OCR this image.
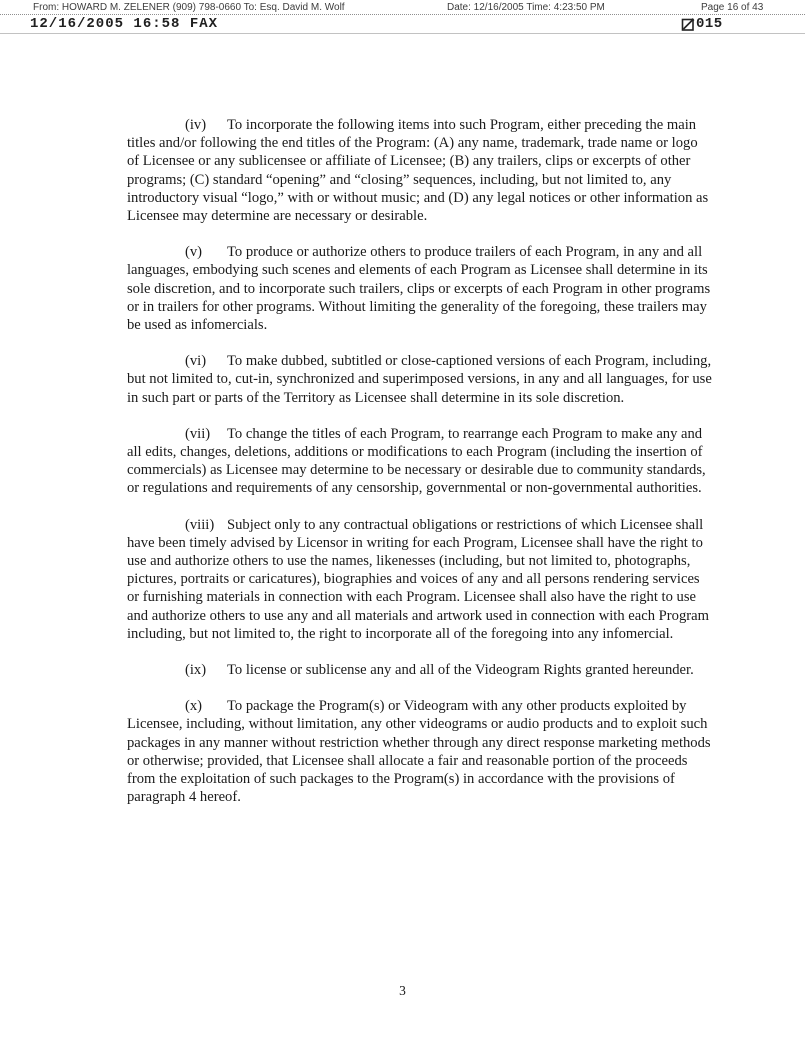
From: HOWARD M. ZELENER (909) 798-0660 To: Esq. David M. Wolf	Date: 12/16/2005 Time: 4:23:50 PM	Page 16 of 43
12/16/2005 16:58 FAX	015

(iv) To incorporate the following items into such Program, either preceding the main titles and/or following the end titles of the Program: (A) any name, trademark, trade name or logo of Licensee or any sublicensee or affiliate of Licensee; (B) any trailers, clips or excerpts of other programs; (C) standard “opening” and “closing” sequences, including, but not limited to, any introductory visual “logo,” with or without music; and (D) any legal notices or other information as Licensee may determine are necessary or desirable.

(v) To produce or authorize others to produce trailers of each Program, in any and all languages, embodying such scenes and elements of each Program as Licensee shall determine in its sole discretion, and to incorporate such trailers, clips or excerpts of each Program in other programs or in trailers for other programs. Without limiting the generality of the foregoing, these trailers may be used as infomercials.

(vi) To make dubbed, subtitled or close-captioned versions of each Program, including, but not limited to, cut-in, synchronized and superimposed versions, in any and all languages, for use in such part or parts of the Territory as Licensee shall determine in its sole discretion.

(vii) To change the titles of each Program, to rearrange each Program to make any and all edits, changes, deletions, additions or modifications to each Program (including the insertion of commercials) as Licensee may determine to be necessary or desirable due to community standards, or regulations and requirements of any censorship, governmental or non-governmental authorities.

(viii) Subject only to any contractual obligations or restrictions of which Licensee shall have been timely advised by Licensor in writing for each Program, Licensee shall have the right to use and authorize others to use the names, likenesses (including, but not limited to, photographs, pictures, portraits or caricatures), biographies and voices of any and all persons rendering services or furnishing materials in connection with each Program. Licensee shall also have the right to use and authorize others to use any and all materials and artwork used in connection with each Program including, but not limited to, the right to incorporate all of the foregoing into any infomercial.

(ix) To license or sublicense any and all of the Videogram Rights granted hereunder.

(x) To package the Program(s) or Videogram with any other products exploited by Licensee, including, without limitation, any other videograms or audio products and to exploit such packages in any manner without restriction whether through any direct response marketing methods or otherwise; provided, that Licensee shall allocate a fair and reasonable portion of the proceeds from the exploitation of such packages to the Program(s) in accordance with the provisions of paragraph 4 hereof.

3
